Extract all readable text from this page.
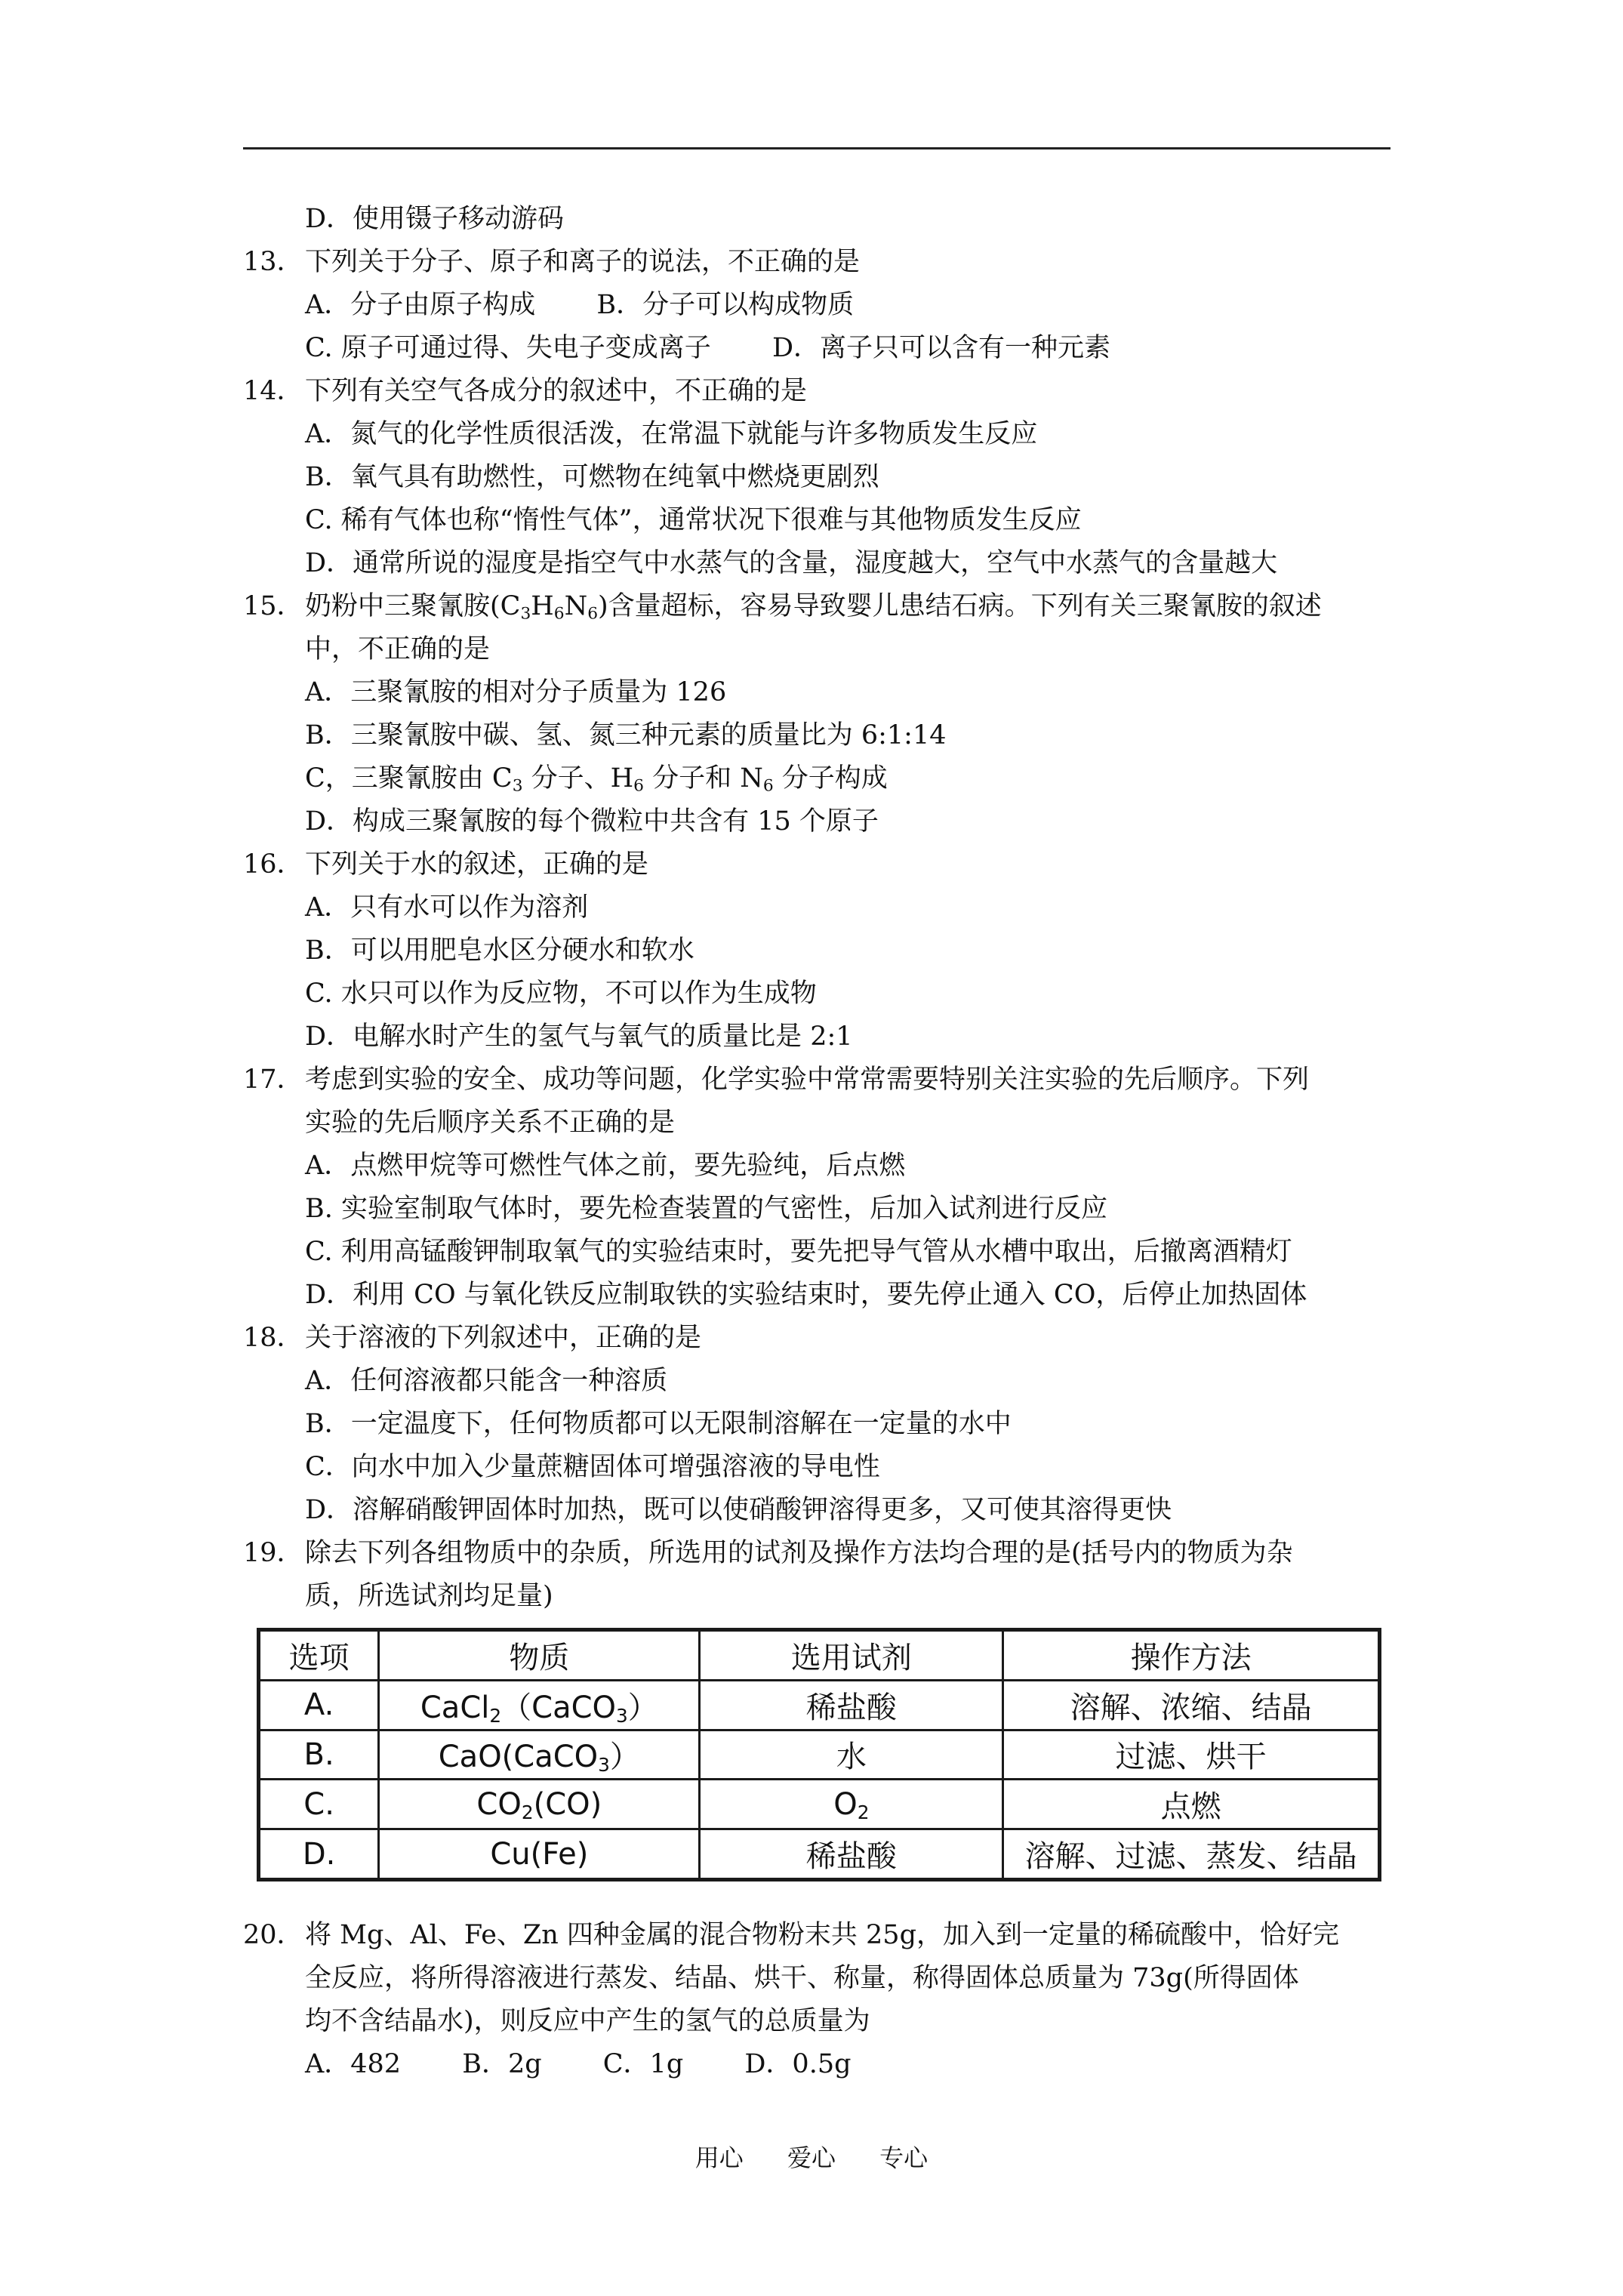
D．使用镊子移动游码
13． 下列关于分子、原子和离子的说法，不正确的是
A．分子由原子构成 B．分子可以构成物质
C. 原子可通过得、失电子变成离子 D．离子只可以含有一种元素
14． 下列有关空气各成分的叙述中，不正确的是
A．氮气的化学性质很活泼，在常温下就能与许多物质发生反应
B．氧气具有助燃性，可燃物在纯氧中燃烧更剧烈
C. 稀有气体也称“惰性气体”，通常状况下很难与其他物质发生反应
D．通常所说的湿度是指空气中水蒸气的含量，湿度越大，空气中水蒸气的含量越大
15． 奶粉中三聚氰胺$(C_3H_6N_6)$含量超标，容易导致婴儿患结石病。下列有关三聚氰胺的叙述
中，不正确的是
A．三聚氰胺的相对分子质量为 126
B．三聚氰胺中碳、氢、氮三种元素的质量比为 6:1:14
C，三聚氰胺由 $C_3$ 分子、$H_6$ 分子和 $N_6$ 分子构成
D．构成三聚氰胺的每个微粒中共含有 15 个原子
16． 下列关于水的叙述，正确的是
A．只有水可以作为溶剂
B．可以用肥皂水区分硬水和软水
C. 水只可以作为反应物，不可以作为生成物
D．电解水时产生的氢气与氧气的质量比是 2:1
17． 考虑到实验的安全、成功等问题，化学实验中常常需要特别关注实验的先后顺序。下列
实验的先后顺序关系不正确的是
A．点燃甲烷等可燃性气体之前，要先验纯，后点燃
B. 实验室制取气体时，要先检查装置的气密性，后加入试剂进行反应
C. 利用高锰酸钾制取氧气的实验结束时，要先把导气管从水槽中取出，后撤离酒精灯
D．利用 CO 与氧化铁反应制取铁的实验结束时，要先停止通入 CO，后停止加热固体
18． 关于溶液的下列叙述中，正确的是
A．任何溶液都只能含一种溶质
B．一定温度下，任何物质都可以无限制溶解在一定量的水中
C．向水中加入少量蔗糖固体可增强溶液的导电性
D．溶解硝酸钾固体时加热，既可以使硝酸钾溶得更多，又可使其溶得更快
19． 除去下列各组物质中的杂质，所选用的试剂及操作方法均合理的是(括号内的物质为杂
质，所选试剂均足量)
选项	物质	选用试剂	操作方法
A.	CaCl$_2$（CaCO$_3$）	稀盐酸	溶解、浓缩、结晶
B.	CaO(CaCO$_3$）	水	过滤、烘干
C.	$CO_2(CO)$	$O_2$	点燃
D.	Cu(Fe)	稀盐酸	溶解、过滤、蒸发、结晶
20． 将 Mg、Al、Fe、Zn 四种金属的混合物粉末共 25g，加入到一定量的稀硫酸中，恰好完
全反应，将所得溶液进行蒸发、结晶、烘干、称量，称得固体总质量为 73g(所得固体
均不含结晶水)，则反应中产生的氢气的总质量为
A．482 B．2g C．1g D．0.5g
用心 爱心 专心
